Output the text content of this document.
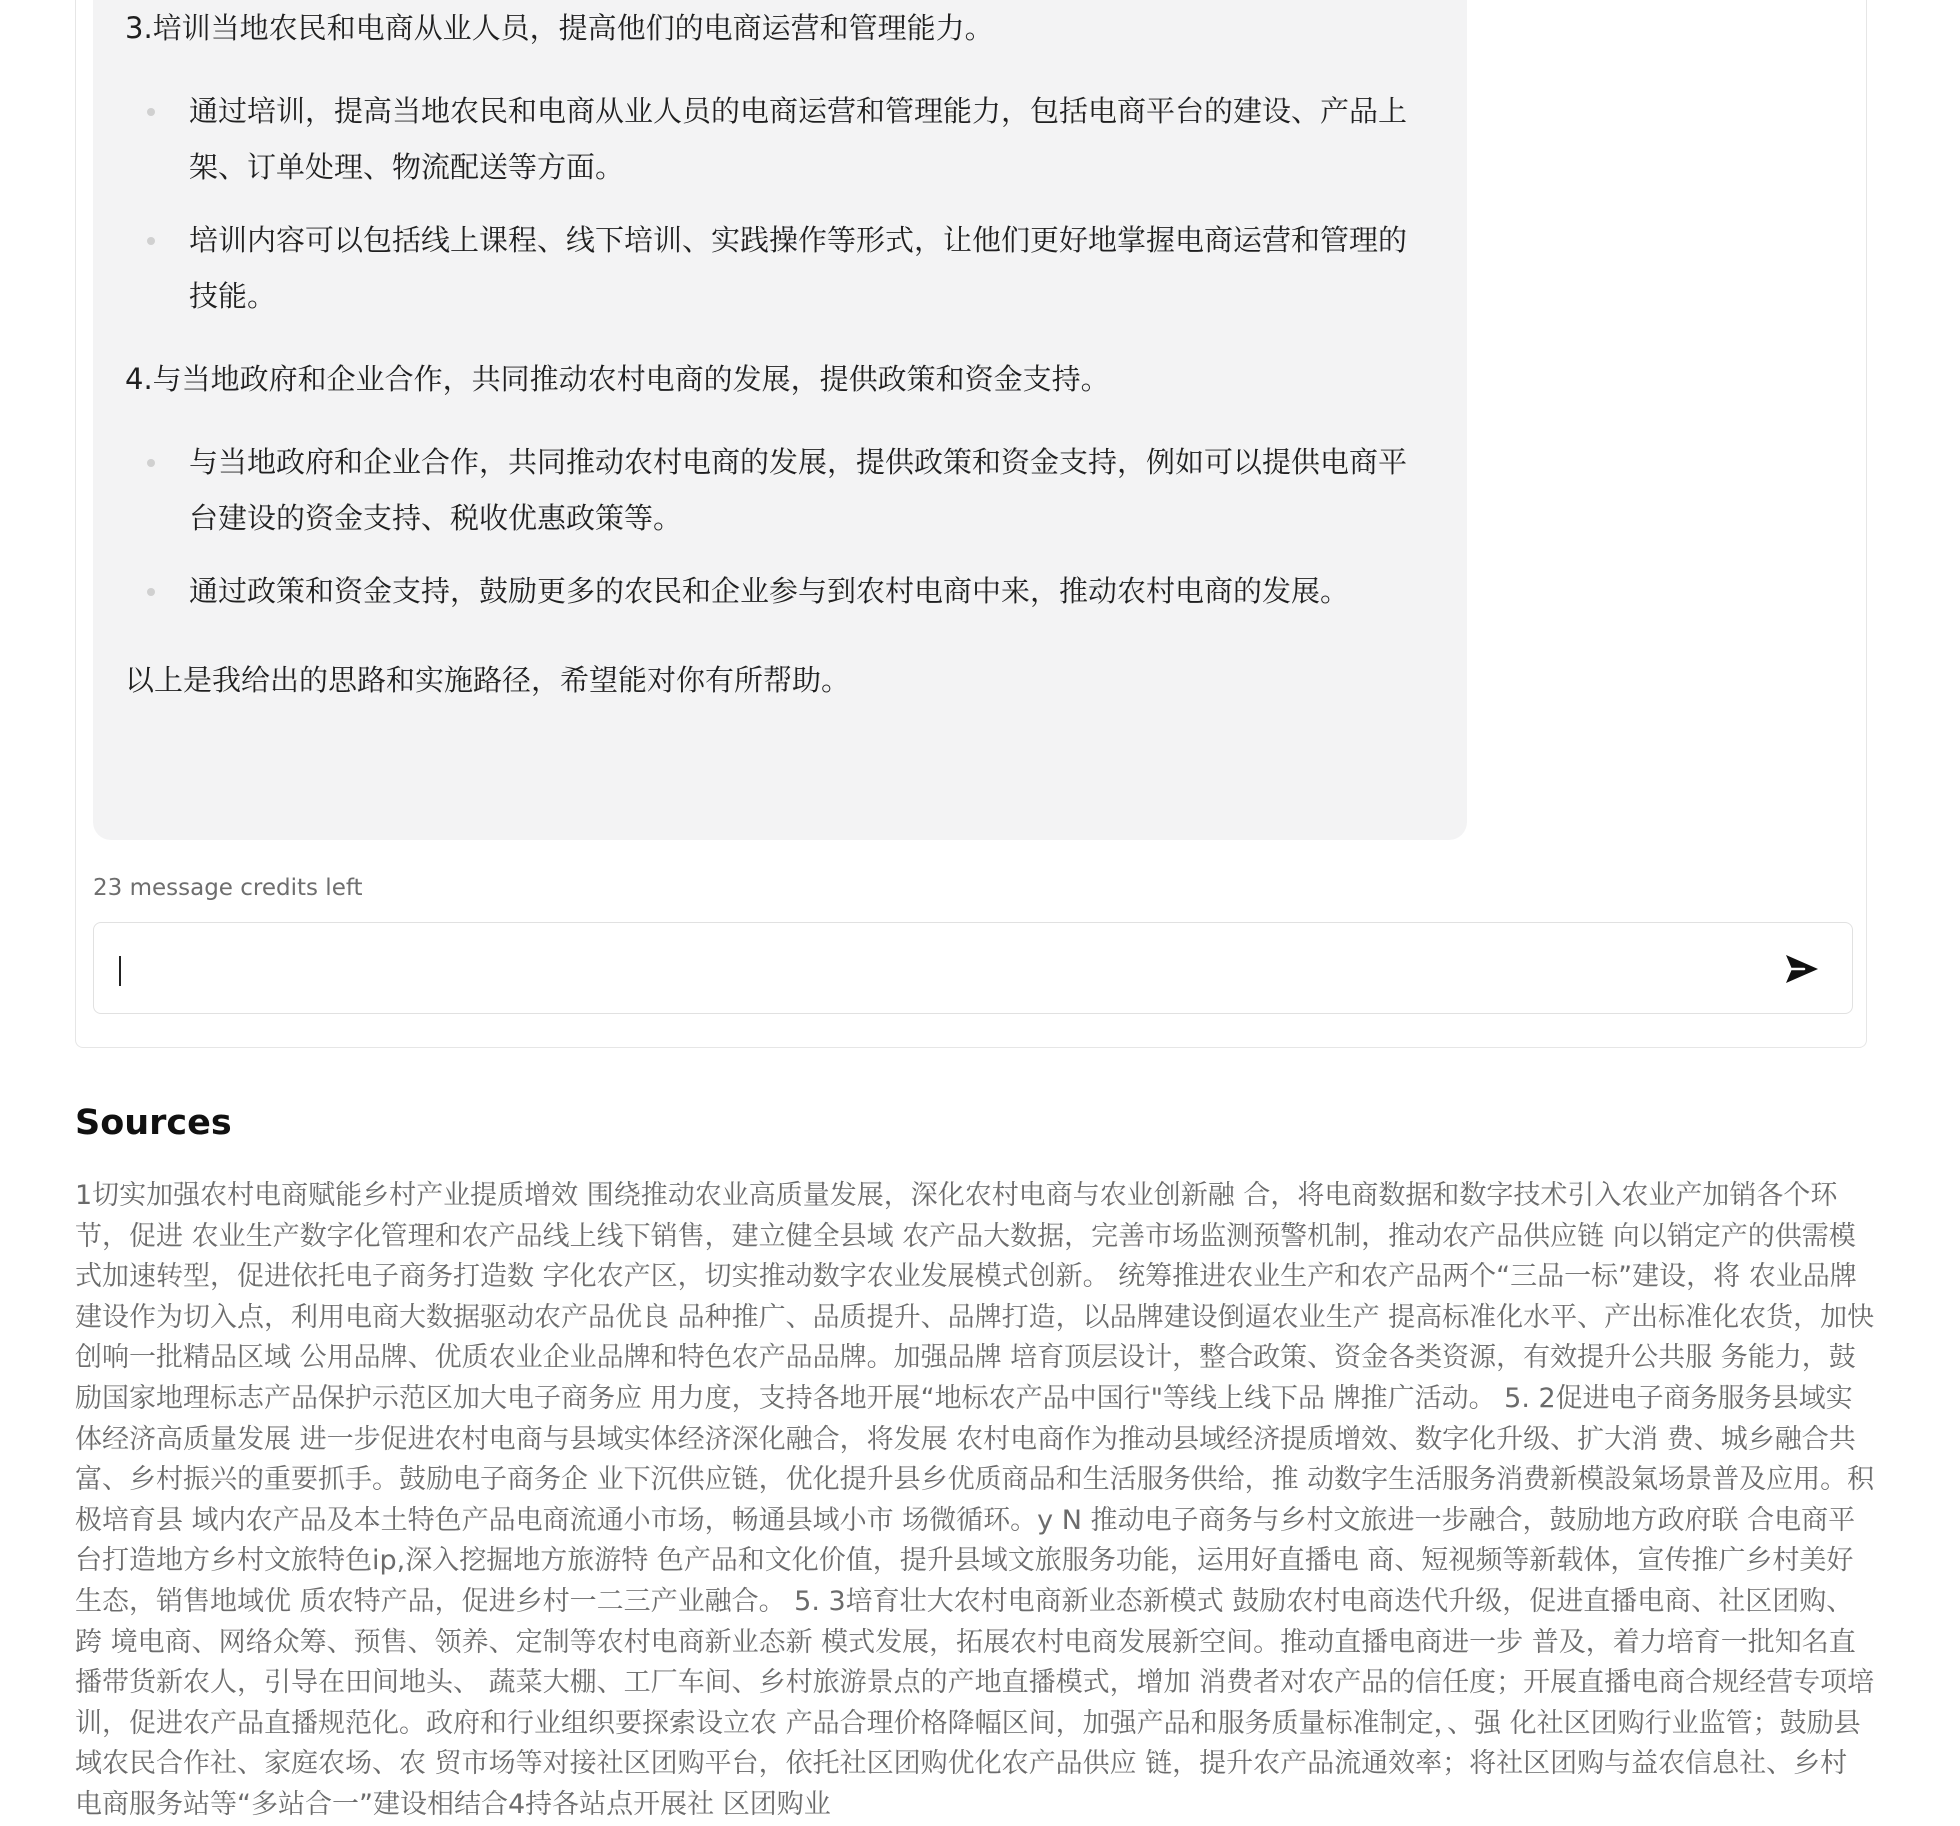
3.培训当地农民和电商从业人员，提高他们的电商运营和管理能力。

通过培训，提高当地农民和电商从业人员的电商运营和管理能力，包括电商平台的建设、产品上架、订单处理、物流配送等方面。
培训内容可以包括线上课程、线下培训、实践操作等形式，让他们更好地掌握电商运营和管理的技能。

4.与当地政府和企业合作，共同推动农村电商的发展，提供政策和资金支持。

与当地政府和企业合作，共同推动农村电商的发展，提供政策和资金支持，例如可以提供电商平台建设的资金支持、税收优惠政策等。
通过政策和资金支持，鼓励更多的农民和企业参与到农村电商中来，推动农村电商的发展。

以上是我给出的思路和实施路径，希望能对你有所帮助。

23 message credits left
Sources

1切实加强农村电商赋能乡村产业提质增效 围绕推动农业高质量发展，深化农村电商与农业创新融 合，将电商数据和数字技术引入农业产加销各个环节，促进 农业生产数字化管理和农产品线上线下销售，建立健全县域 农产品大数据，完善市场监测预警机制，推动农产品供应链 向以销定产的供需模式加速转型，促进依托电子商务打造数 字化农产区，切实推动数字农业发展模式创新。 统筹推进农业生产和农产品两个“三品一标”建设，将 农业品牌建设作为切入点，利用电商大数据驱动农产品优良 品种推广、品质提升、品牌打造，以品牌建设倒逼农业生产 提高标准化水平、产出标准化农货，加快创响一批精品区域 公用品牌、优质农业企业品牌和特色农产品品牌。加强品牌 培育顶层设计，整合政策、资金各类资源，有效提升公共服 务能力，鼓励国家地理标志产品保护示范区加大电子商务应 用力度，支持各地开展“地标农产品中国行"等线上线下品 牌推广活动。 5. 2促进电子商务服务县域实体经济高质量发展 进一步促进农村电商与县域实体经济深化融合，将发展 农村电商作为推动县域经济提质增效、数字化升级、扩大消 费、城乡融合共富、乡村振兴的重要抓手。鼓励电子商务企 业下沉供应链，优化提升县乡优质商品和生活服务供给，推 动数字生活服务消费新模設氣场景普及应用。积极培育县 域内农产品及本土特色产品电商流通小市场，畅通县域小市 场微循环。y N 推动电子商务与乡村文旅进一步融合，鼓励地方政府联 合电商平台打造地方乡村文旅特色ip,深入挖掘地方旅游特 色产品和文化价值，提升县域文旅服务功能，运用好直播电 商、短视频等新载体，宣传推广乡村美好生态，销售地域优 质农特产品，促进乡村一二三产业融合。 5. 3培育壮大农村电商新业态新模式 鼓励农村电商迭代升级，促进直播电商、社区团购、跨 境电商、网络众筹、预售、领养、定制等农村电商新业态新 模式发展，拓展农村电商发展新空间。推动直播电商进一步 普及，着力培育一批知名直播带货新农人，引导在田间地头、 蔬菜大棚、工厂车间、乡村旅游景点的产地直播模式，增加 消费者对农产品的信任度；开展直播电商合规经营专项培 训，促进农产品直播规范化。政府和行业组织要探索设立农 产品合理价格降幅区间，加强产品和服务质量标准制定，、强 化社区团购行业监管；鼓励县域农民合作社、家庭农场、农 贸市场等对接社区团购平台，依托社区团购优化农产品供应 链，提升农产品流通效率；将社区团购与益农信息社、乡村 电商服务站等“多站合一”建设相结合4持各站点开展社 区团购业
